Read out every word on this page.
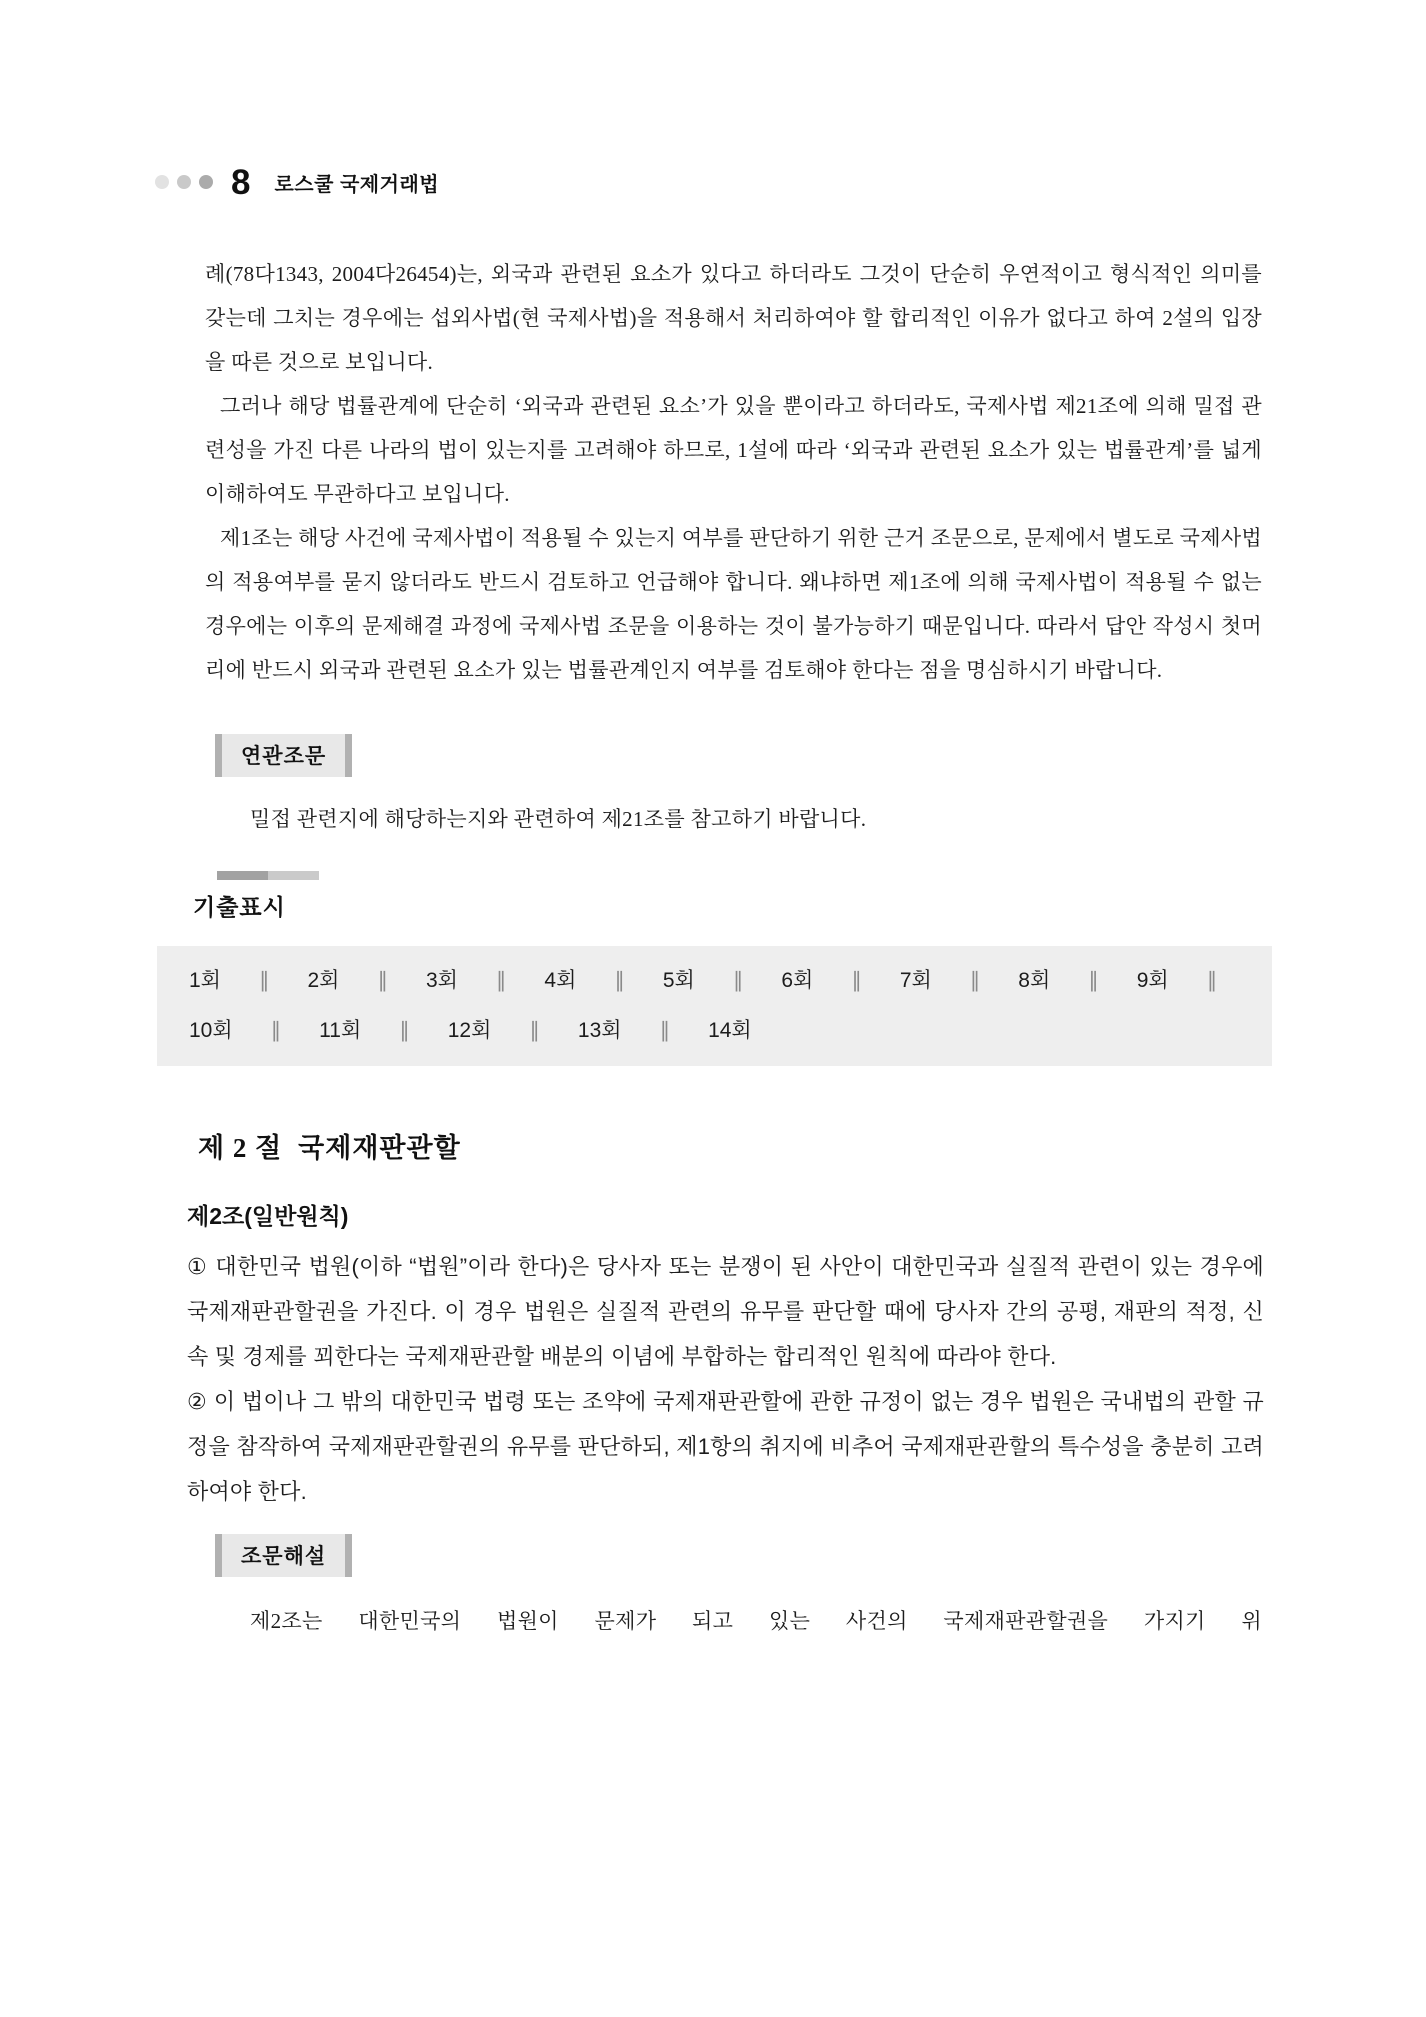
8 로스쿨 국제거래법

례(78다1343, 2004다26454)는, 외국과 관련된 요소가 있다고 하더라도 그것이 단순히 우연적이고 형식적인 의미를 갖는데 그치는 경우에는 섭외사법(현 국제사법)을 적용해서 처리하여야 할 합리적인 이유가 없다고 하여 2설의 입장을 따른 것으로 보입니다.

그러나 해당 법률관계에 단순히 ‘외국과 관련된 요소’가 있을 뿐이라고 하더라도, 국제사법 제21조에 의해 밀접 관련성을 가진 다른 나라의 법이 있는지를 고려해야 하므로, 1설에 따라 ‘외국과 관련된 요소가 있는 법률관계’를 넓게 이해하여도 무관하다고 보입니다.

제1조는 해당 사건에 국제사법이 적용될 수 있는지 여부를 판단하기 위한 근거 조문으로, 문제에서 별도로 국제사법의 적용여부를 묻지 않더라도 반드시 검토하고 언급해야 합니다. 왜냐하면 제1조에 의해 국제사법이 적용될 수 없는 경우에는 이후의 문제해결 과정에 국제사법 조문을 이용하는 것이 불가능하기 때문입니다. 따라서 답안 작성시 첫머리에 반드시 외국과 관련된 요소가 있는 법률관계인지 여부를 검토해야 한다는 점을 명심하시기 바랍니다.

연관조문

밀접 관련지에 해당하는지와 관련하여 제21조를 참고하기 바랍니다.

기출표시
1회 ∥ 2회 ∥ 3회 ∥ 4회 ∥ 5회 ∥ 6회 ∥ 7회 ∥ 8회 ∥ 9회 ∥
10회 ∥ 11회 ∥ 12회 ∥ 13회 ∥ 14회
제 2 절 국제재판관할
제2조(일반원칙)

① 대한민국 법원(이하 “법원”이라 한다)은 당사자 또는 분쟁이 된 사안이 대한민국과 실질적 관련이 있는 경우에 국제재판관할권을 가진다. 이 경우 법원은 실질적 관련의 유무를 판단할 때에 당사자 간의 공평, 재판의 적정, 신속 및 경제를 꾀한다는 국제재판관할 배분의 이념에 부합하는 합리적인 원칙에 따라야 한다.

② 이 법이나 그 밖의 대한민국 법령 또는 조약에 국제재판관할에 관한 규정이 없는 경우 법원은 국내법의 관할 규정을 참작하여 국제재판관할권의 유무를 판단하되, 제1항의 취지에 비추어 국제재판관할의 특수성을 충분히 고려하여야 한다.

조문해설

제2조는 대한민국의 법원이 문제가 되고 있는 사건의 국제재판관할권을 가지기 위
